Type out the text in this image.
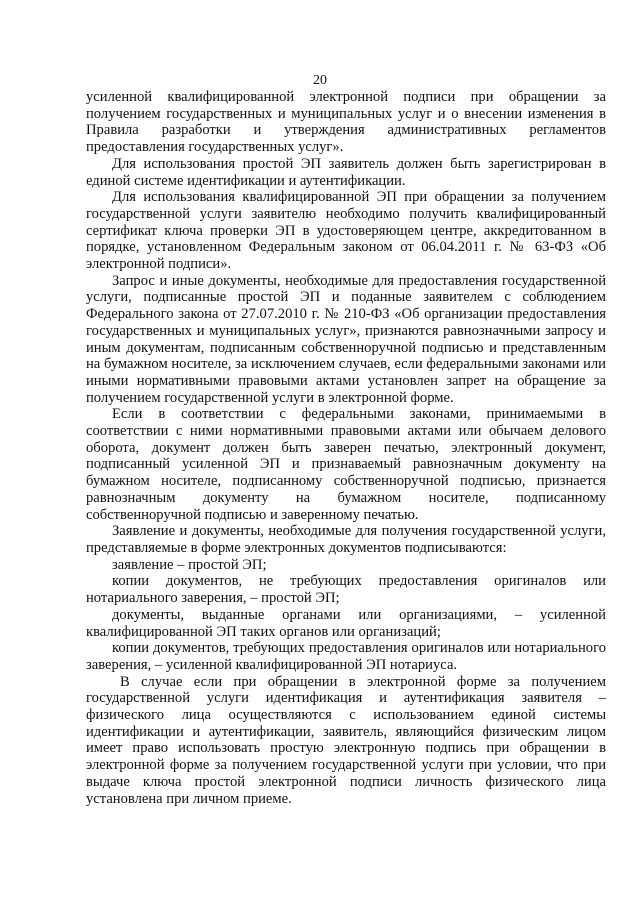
20

усиленной квалифицированной электронной подписи при обращении за получением государственных и муниципальных услуг и о внесении изменения в Правила разработки и утверждения административных регламентов предоставления государственных услуг».

Для использования простой ЭП заявитель должен быть зарегистрирован в единой системе идентификации и аутентификации.

Для использования квалифицированной ЭП при обращении за получением государственной услуги заявителю необходимо получить квалифицированный сертификат ключа проверки ЭП в удостоверяющем центре, аккредитованном в порядке, установленном Федеральным законом от 06.04.2011 г. № 63-ФЗ «Об электронной подписи».

Запрос и иные документы, необходимые для предоставления государственной услуги, подписанные простой ЭП и поданные заявителем с соблюдением Федерального закона от 27.07.2010 г. № 210-ФЗ «Об организации предоставления государственных и муниципальных услуг», признаются равнозначными запросу и иным документам, подписанным собственноручной подписью и представленным на бумажном носителе, за исключением случаев, если федеральными законами или иными нормативными правовыми актами установлен запрет на обращение за получением государственной услуги в электронной форме.

Если в соответствии с федеральными законами, принимаемыми в соответствии с ними нормативными правовыми актами или обычаем делового оборота, документ должен быть заверен печатью, электронный документ, подписанный усиленной ЭП и признаваемый равнозначным документу на бумажном носителе, подписанному собственноручной подписью, признается равнозначным документу на бумажном носителе, подписанному собственноручной подписью и заверенному печатью.

Заявление и документы, необходимые для получения государственной услуги, представляемые в форме электронных документов подписываются:

заявление – простой ЭП;

копии документов, не требующих предоставления оригиналов или нотариального заверения, – простой ЭП;

документы, выданные органами или организациями, – усиленной квалифицированной ЭП таких органов или организаций;

копии документов, требующих предоставления оригиналов или нотариального заверения, – усиленной квалифицированной ЭП нотариуса.

В случае если при обращении в электронной форме за получением государственной услуги идентификация и аутентификация заявителя – физического лица осуществляются с использованием единой системы идентификации и аутентификации, заявитель, являющийся физическим лицом имеет право использовать простую электронную подпись при обращении в электронной форме за получением государственной услуги при условии, что при выдаче ключа простой электронной подписи личность физического лица установлена при личном приеме.
